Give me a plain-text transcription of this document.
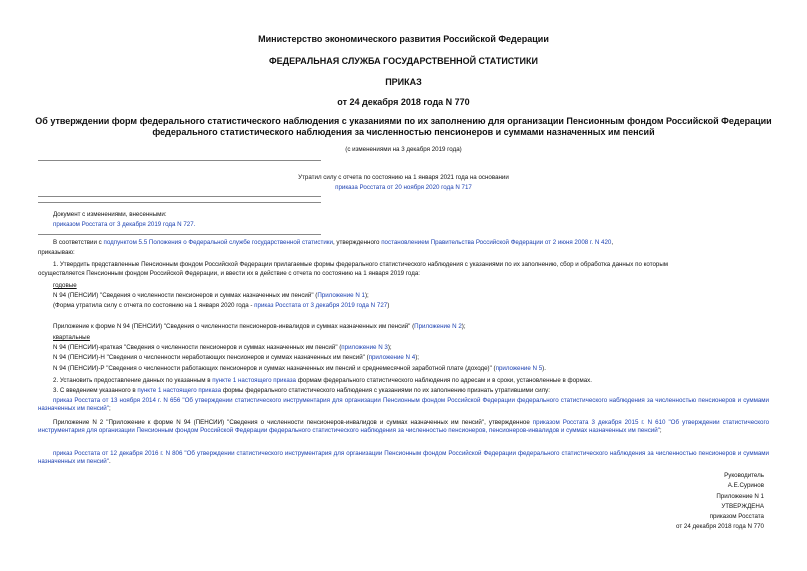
Министерство экономического развития Российской Федерации
ФЕДЕРАЛЬНАЯ СЛУЖБА ГОСУДАРСТВЕННОЙ СТАТИСТИКИ
ПРИКАЗ
от 24 декабря 2018 года N 770
Об утверждении форм федерального статистического наблюдения с указаниями по их заполнению для организации Пенсионным фондом Российской Федерации
федерального статистического наблюдения за численностью пенсионеров и суммами назначенных им пенсий
(с изменениями на 3 декабря 2019 года)
Утратил силу с отчета по состоянию на 1 января 2021 года на основании
приказа Росстата от 20 ноября 2020 года N 717
Документ с изменениями, внесенными:
приказом Росстата от 3 декабря 2019 года N 727.
В соответствии с подпунктом 5.5 Положения о Федеральной службе государственной статистики, утвержденного постановлением Правительства Российской Федерации от 2 июня 2008 г. N 420,
приказываю:
1. Утвердить представленные Пенсионным фондом Российской Федерации прилагаемые формы федерального статистического наблюдения с указаниями по их заполнению, сбор и обработка данных по которым
осуществляется Пенсионным фондом Российской Федерации, и ввести их в действие с отчета по состоянию на 1 января 2019 года:
годовые
N 94 (ПЕНСИИ) "Сведения о численности пенсионеров и суммах назначенных им пенсий" (Приложение N 1);
(Форма утратила силу с отчета по состоянию на 1 января 2020 года - приказ Росстата от 3 декабря 2019 года N 727)
Приложение к форме N 94 (ПЕНСИИ) "Сведения о численности пенсионеров-инвалидов и суммах назначенных им пенсий" (Приложение N 2);
квартальные
N 94 (ПЕНСИИ)-краткая "Сведения о численности пенсионеров и суммах назначенных им пенсий" (приложение N 3);
N 94 (ПЕНСИИ)-Н "Сведения о численности неработающих пенсионеров и суммах назначенных им пенсий" (приложение N 4);
N 94 (ПЕНСИИ)-Р "Сведения о численности работающих пенсионеров и суммах назначенных им пенсий и среднемесячной заработной плате (доходе)" (приложение N 5).
2. Установить предоставление данных по указанным в пункте 1 настоящего приказа формам федерального статистического наблюдения по адресам и в сроки, установленные в формах.
3. С введением указанного в пункте 1 настоящего приказа формы федерального статистического наблюдения с указаниями по их заполнению признать утратившими силу:
приказ Росстата от 13 ноября 2014 г. N 656 "Об утверждении статистического инструментария для организации Пенсионным фондом Российской Федерации федерального статистического наблюдения за численностью пенсионеров и суммами назначенных им пенсий";
Приложение N 2 "Приложение к форме N 94 (ПЕНСИИ) "Сведения о численности пенсионеров-инвалидов и суммах назначенных им пенсий", утвержденное приказом Росстата 3 декабря 2015 г. N 610 "Об утверждении статистического инструментария для организации Пенсионным фондом Российской Федерации федерального статистического наблюдения за численностью пенсионеров, пенсионеров-инвалидов и суммах назначенных им пенсий";
приказ Росстата от 12 декабря 2016 г. N 806 "Об утверждении статистического инструментария для организации Пенсионным фондом Российской Федерации федерального статистического наблюдения за численностью пенсионеров и суммами назначенных им пенсий".
Руководитель
А.Е.Суринов
Приложение N 1
УТВЕРЖДЕНА
приказом Росстата
от 24 декабря 2018 года N 770
